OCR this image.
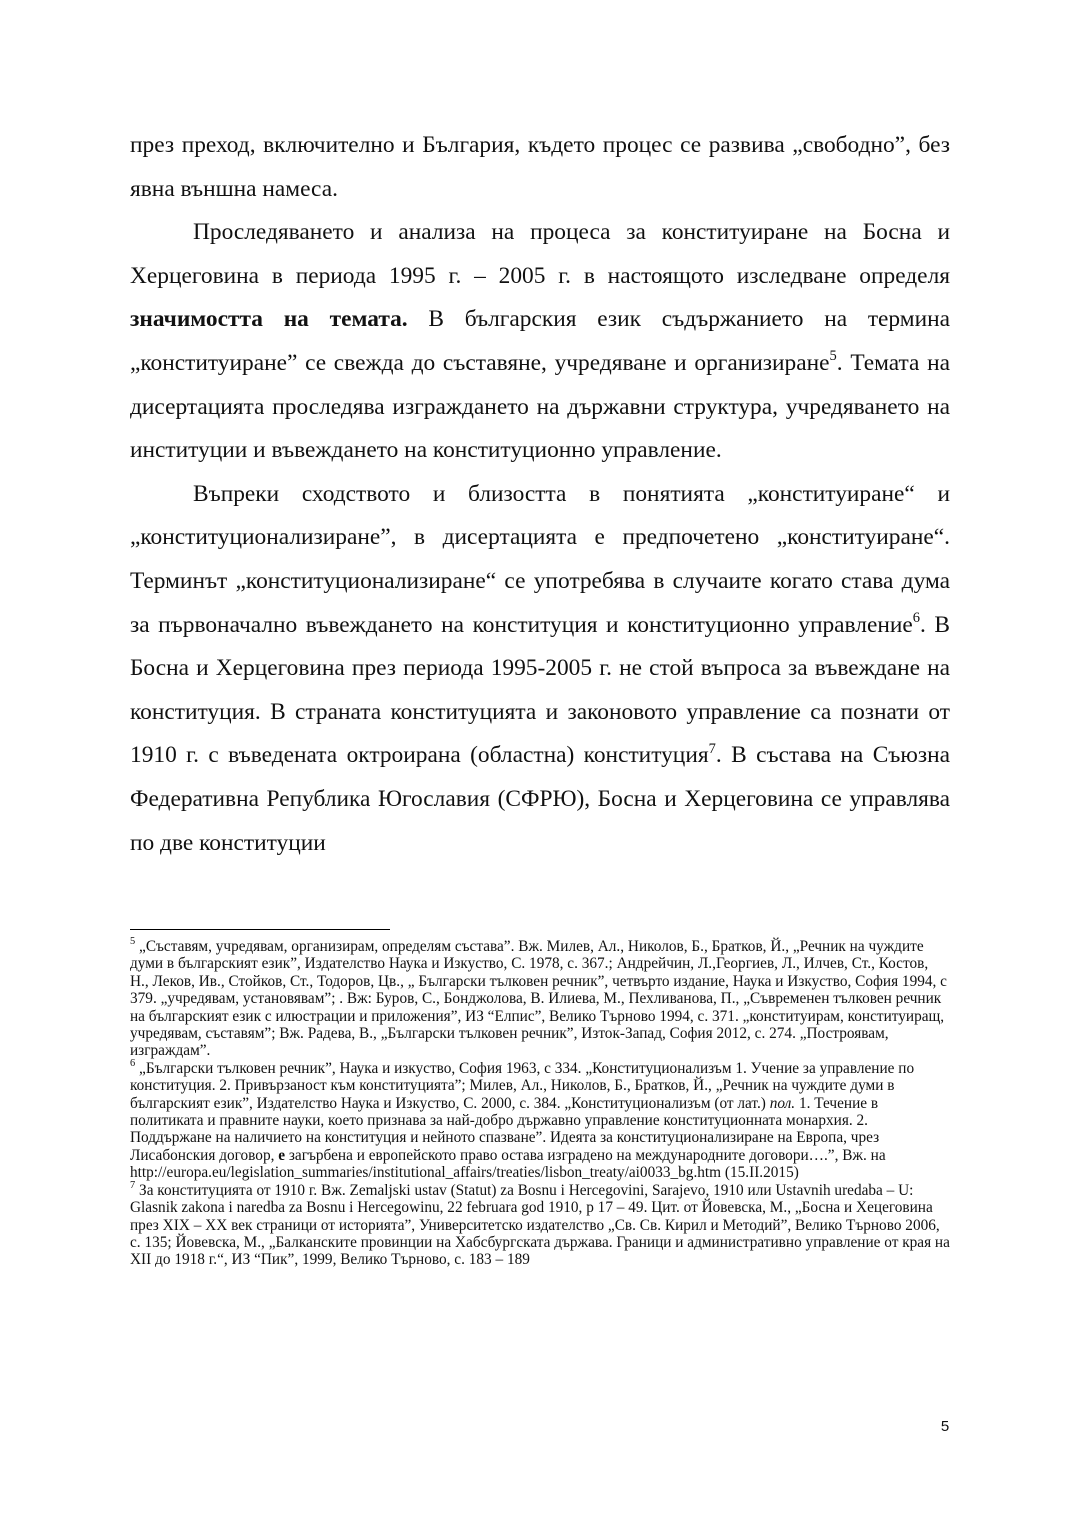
през преход, включително и България, където процес се развива „свободно”, без явна външна намеса.

Проследяването и анализа на процеса за конституиране на Босна и Херцеговина в периода 1995 г. – 2005 г. в настоящото изследване определя значимостта на темата. В българския език съдържанието на термина „конституиране” се свежда до съставяне, учредяване и организиране$^5$. Темата на дисертацията проследява изграждането на държавни структура, учредяването на институции и въвеждането на конституционно управление.

Въпреки сходството и близостта в понятията „конституиране“ и „конституционализиране”, в дисертацията е предпочетено „конституиране“. Терминът „конституционализиране“ се употребява в случаите когато става дума за първоначално въвеждането на конституция и конституционно управление$^6$. В Босна и Херцеговина през периода 1995-2005 г. не стой въпроса за въвеждане на конституция. В страната конституцията и законовото управление са познати от 1910 г. с въведената октроирана (областна) конституция$^7$. В състава на Съюзна Федеративна Република Югославия (СФРЮ), Босна и Херцеговина се управлява по две конституции

$^5$ „Съставям, учредявам, организирам, определям състава”. Вж. Милев, Ал., Николов, Б., Братков, Й., „Речник на чуждите думи в българският език”, Издателство Наука и Изкуство, С. 1978, с. 367.; Андрейчин, Л.,Георгиев, Л., Илчев, Ст., Костов, Н., Леков, Ив., Стойков, Ст., Тодоров, Цв., „ Български тълковен речник”, четвърто издание, Наука и Изкуство, София 1994, с 379. „учредявам, установявам”; . Вж: Буров, С., Бонджолова, В. Илиева, М., Пехливанова, П., „Съвременен тълковен речник на българският език с илюстрации и приложения”, ИЗ “Елпис”, Велико Търново 1994, с. 371. „конституирам, конституиращ, учредявам, съставям”; Вж. Радева, В., „Български тълковен речник”, Изток-Запад, София 2012, с. 274. „Построявам, изграждам”.

$^6$ „Български тълковен речник”, Наука и изкуство, София 1963, с 334. „Конституционализъм 1. Учение за управление по конституция. 2. Привързаност към конституцията”; Милев, Ал., Николов, Б., Братков, Й., „Речник на чуждите думи в българският език”, Издателство Наука и Изкуство, С. 2000, с. 384. „Конституционализъм (от лат.) пол. 1. Течение в политиката и правните науки, което признава за най-добро държавно управление конституционната монархия. 2. Поддържане на наличието на конституция и нейното спазване”. Идеята за конституционализиране на Европа, чрез Лисабонския договор, е загърбена и европейското право остава изградено на международните договори….”, Вж. на http://europa.eu/legislation_summaries/institutional_affairs/treaties/lisbon_treaty/ai0033_bg.htm (15.II.2015)

$^7$ За конституцията от 1910 г. Вж. Zemaljski ustav (Statut) za Bosnu i Hercegovini, Sarajevo, 1910 или Ustavnih uredaba – U: Glasnik zakona i naredba za Bosnu i Hercegowinu, 22 februara god 1910, p 17 – 49. Цит. от Йовевска, М., „Босна и Хецеговина през XIX – XX век страници от историята”, Университетско издателство „Св. Св. Кирил и Методий”, Велико Търново 2006, с. 135; Йовевска, М., „Балканските провинции на Хабсбургската държава. Граници и административно управление от края на XII до 1918 г.“, ИЗ “Пик”, 1999, Велико Търново, с. 183 – 189

5
